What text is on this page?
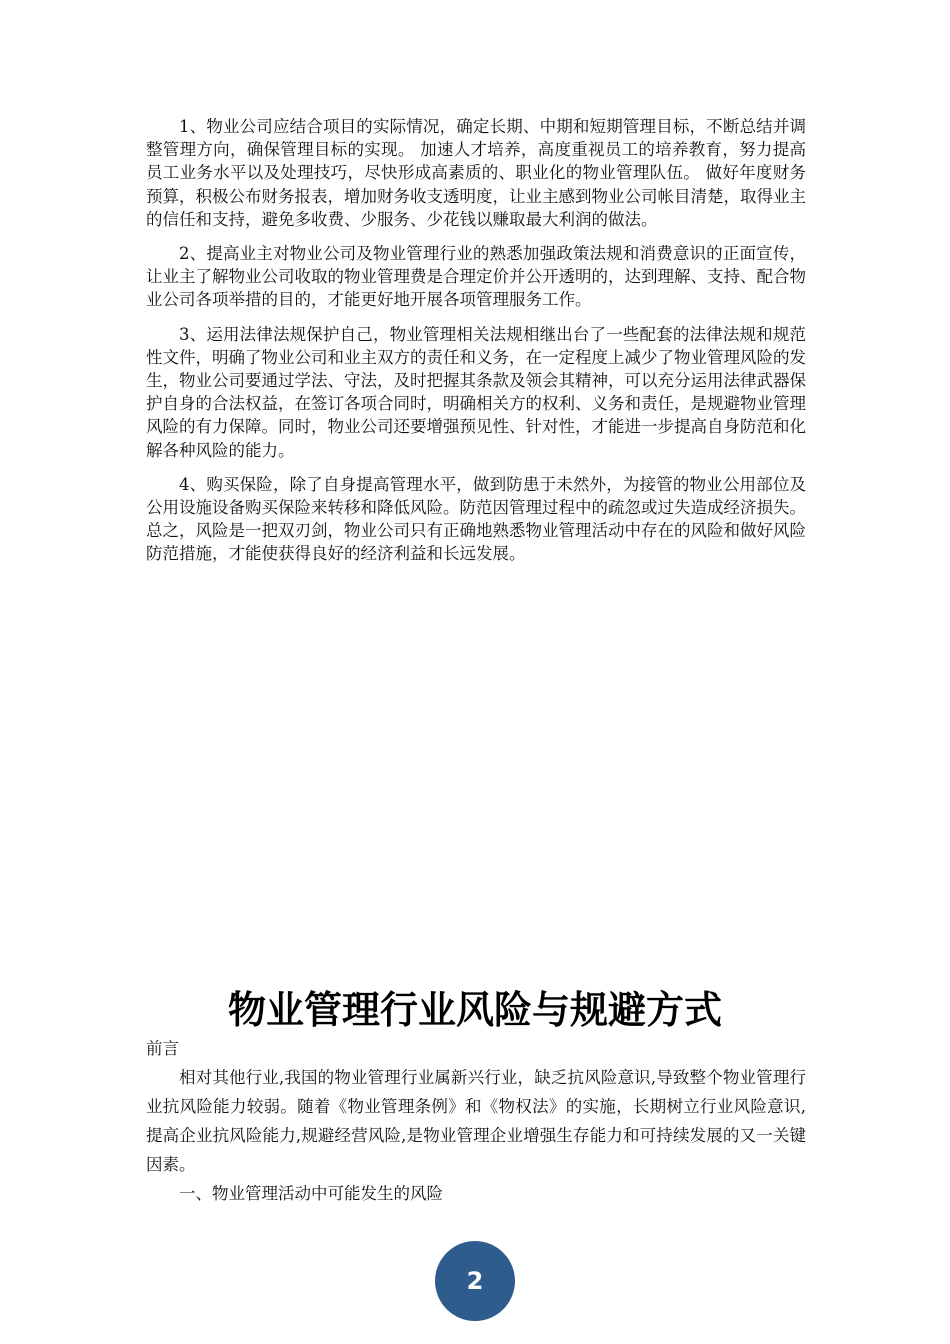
1、物业公司应结合项目的实际情况，确定长期、中期和短期管理目标，不断总结并调整管理方向，确保管理目标的实现。 加速人才培养，高度重视员工的培养教育，努力提高员工业务水平以及处理技巧，尽快形成高素质的、职业化的物业管理队伍。 做好年度财务预算，积极公布财务报表，增加财务收支透明度，让业主感到物业公司帐目清楚，取得业主的信任和支持，避免多收费、少服务、少花钱以赚取最大利润的做法。

2、提高业主对物业公司及物业管理行业的熟悉加强政策法规和消费意识的正面宣传，让业主了解物业公司收取的物业管理费是合理定价并公开透明的，达到理解、支持、配合物业公司各项举措的目的，才能更好地开展各项管理服务工作。

3、运用法律法规保护自己，物业管理相关法规相继出台了一些配套的法律法规和规范性文件，明确了物业公司和业主双方的责任和义务，在一定程度上减少了物业管理风险的发生，物业公司要通过学法、守法，及时把握其条款及领会其精神，可以充分运用法律武器保护自身的合法权益，在签订各项合同时，明确相关方的权利、义务和责任，是规避物业管理风险的有力保障。同时，物业公司还要增强预见性、针对性，才能进一步提高自身防范和化解各种风险的能力。

4、购买保险，除了自身提高管理水平，做到防患于未然外，为接管的物业公用部位及公用设施设备购买保险来转移和降低风险。防范因管理过程中的疏忽或过失造成经济损失。总之，风险是一把双刃剑，物业公司只有正确地熟悉物业管理活动中存在的风险和做好风险防范措施，才能使获得良好的经济利益和长远发展。

物业管理行业风险与规避方式
前言

相对其他行业,我国的物业管理行业属新兴行业，缺乏抗风险意识,导致整个物业管理行业抗风险能力较弱。随着《物业管理条例》和《物权法》的实施，长期树立行业风险意识,提高企业抗风险能力,规避经营风险,是物业管理企业增强生存能力和可持续发展的又一关键因素。

一、物业管理活动中可能发生的风险

2
